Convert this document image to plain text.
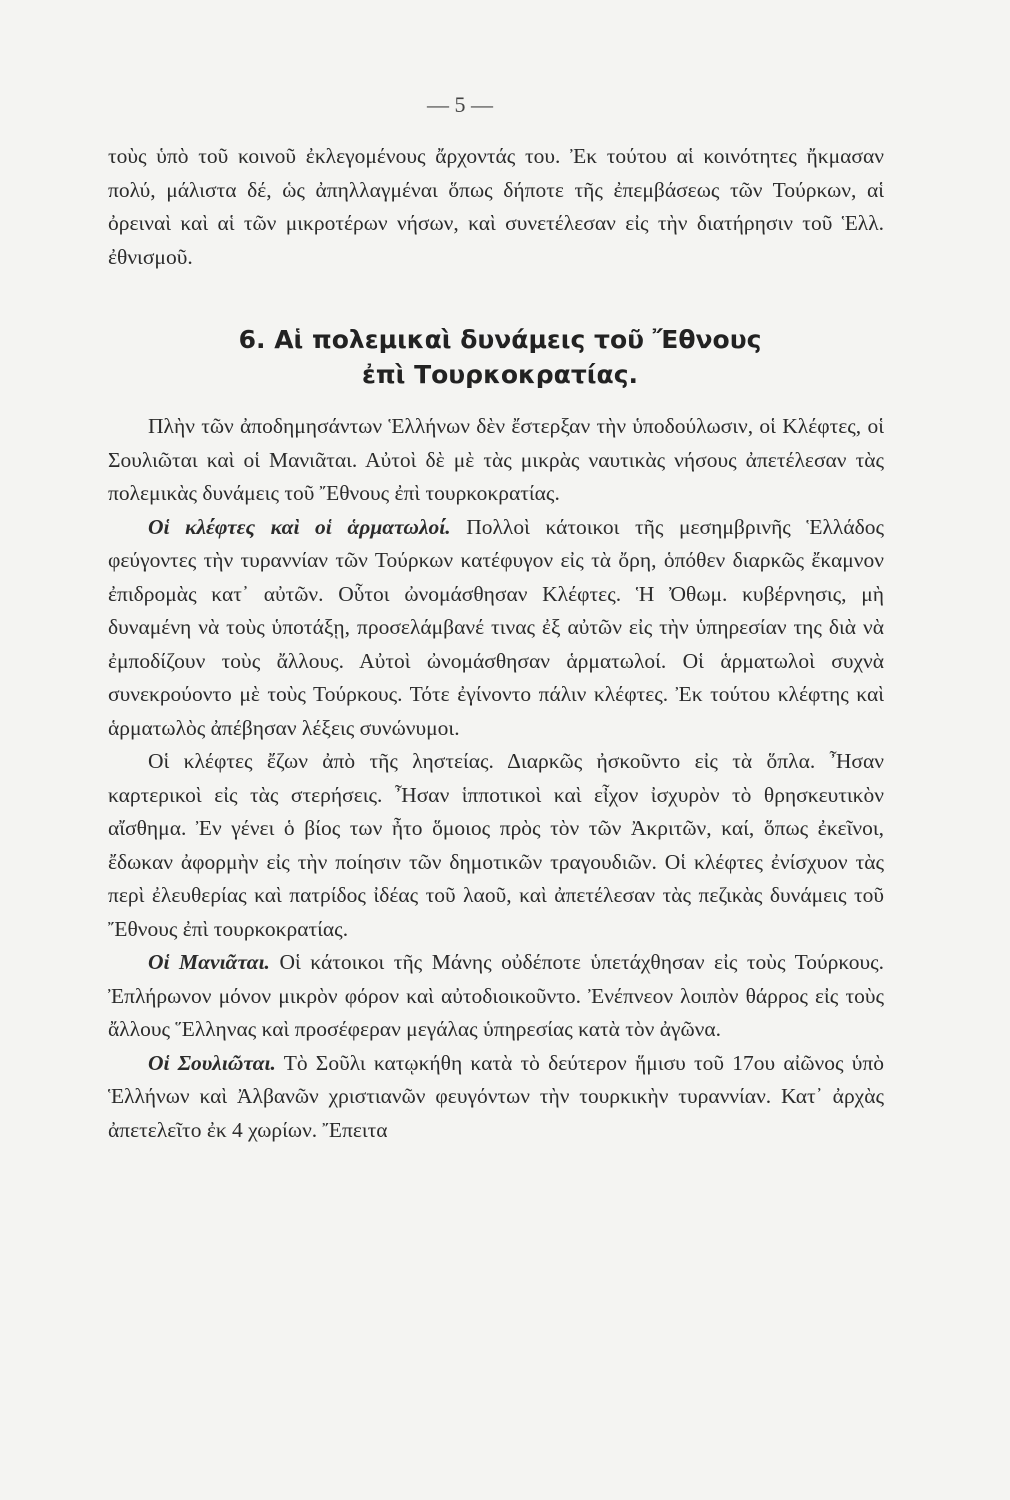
— 5 —

τοὺς ὑπὸ τοῦ κοινοῦ ἐκλεγομένους ἄρχοντάς του. Ἐκ τούτου αἱ κοινότητες ἤκμασαν πολύ, μάλιστα δέ, ὡς ἀπηλλαγμέναι ὅπως δήποτε τῆς ἐπεμβάσεως τῶν Τούρκων, αἱ ὀρειναὶ καὶ αἱ τῶν μικροτέρων νήσων, καὶ συνετέλεσαν εἰς τὴν διατήρησιν τοῦ Ἑλλ. ἐθνισμοῦ.

6. Αἱ πολεμικαὶ δυνάμεις τοῦ Ἔθνους
ἐπὶ Τουρκοκρατίας.

Πλὴν τῶν ἀποδημησάντων Ἑλλήνων δὲν ἔστερξαν τὴν ὑποδούλωσιν, οἱ Κλέφτες, οἱ Σουλιῶται καὶ οἱ Μανιᾶται. Αὐτοὶ δὲ μὲ τὰς μικρὰς ναυτικὰς νήσους ἀπετέλεσαν τὰς πολεμικὰς δυνάμεις τοῦ Ἔθνους ἐπὶ τουρκοκρατίας.

Οἱ κλέφτες καὶ οἱ ἁρματωλοί. Πολλοὶ κάτοικοι τῆς μεσημβρινῆς Ἑλλάδος φεύγοντες τὴν τυραννίαν τῶν Τούρκων κατέφυγον εἰς τὰ ὄρη, ὁπόθεν διαρκῶς ἔκαμνον ἐπιδρομὰς κατ᾽ αὐτῶν. Οὗτοι ὠνομάσθησαν Κλέφτες. Ἡ Ὀθωμ. κυβέρνησις, μὴ δυναμένη νὰ τοὺς ὑποτάξῃ, προσελάμβανέ τινας ἐξ αὐτῶν εἰς τὴν ὑπηρεσίαν της διὰ νὰ ἐμποδίζουν τοὺς ἄλλους. Αὐτοὶ ὠνομάσθησαν ἁρματωλοί. Οἱ ἁρματωλοὶ συχνὰ συνεκρούοντο μὲ τοὺς Τούρκους. Τότε ἐγίνοντο πάλιν κλέφτες. Ἐκ τούτου κλέφτης καὶ ἁρματωλὸς ἀπέβησαν λέξεις συνώνυμοι.

Οἱ κλέφτες ἔζων ἀπὸ τῆς ληστείας. Διαρκῶς ἠσκοῦντο εἰς τὰ ὅπλα. Ἦσαν καρτερικοὶ εἰς τὰς στερήσεις. Ἦσαν ἱπποτικοὶ καὶ εἶχον ἰσχυρὸν τὸ θρησκευτικὸν αἴσθημα. Ἐν γένει ὁ βίος των ἦτο ὅμοιος πρὸς τὸν τῶν Ἀκριτῶν, καί, ὅπως ἐκεῖνοι, ἔδωκαν ἀφορμὴν εἰς τὴν ποίησιν τῶν δημοτικῶν τραγουδιῶν. Οἱ κλέφτες ἐνίσχυον τὰς περὶ ἐλευθερίας καὶ πατρίδος ἰδέας τοῦ λαοῦ, καὶ ἀπετέλεσαν τὰς πεζικὰς δυνάμεις τοῦ Ἔθνους ἐπὶ τουρκοκρατίας.

Οἱ Μανιᾶται. Οἱ κάτοικοι τῆς Μάνης οὐδέποτε ὑπετάχθησαν εἰς τοὺς Τούρκους. Ἐπλήρωνον μόνον μικρὸν φόρον καὶ αὐτοδιοικοῦντο. Ἐνέπνεον λοιπὸν θάρρος εἰς τοὺς ἄλλους Ἕλληνας καὶ προσέφεραν μεγάλας ὑπηρεσίας κατὰ τὸν ἀγῶνα.

Οἱ Σουλιῶται. Τὸ Σοῦλι κατῳκήθη κατὰ τὸ δεύτερον ἥμισυ τοῦ 17ου αἰῶνος ὑπὸ Ἑλλήνων καὶ Ἀλβανῶν χριστιανῶν φευγόντων τὴν τουρκικὴν τυραννίαν. Κατ᾽ ἀρχὰς ἀπετελεῖτο ἐκ 4 χωρίων. Ἔπειτα
